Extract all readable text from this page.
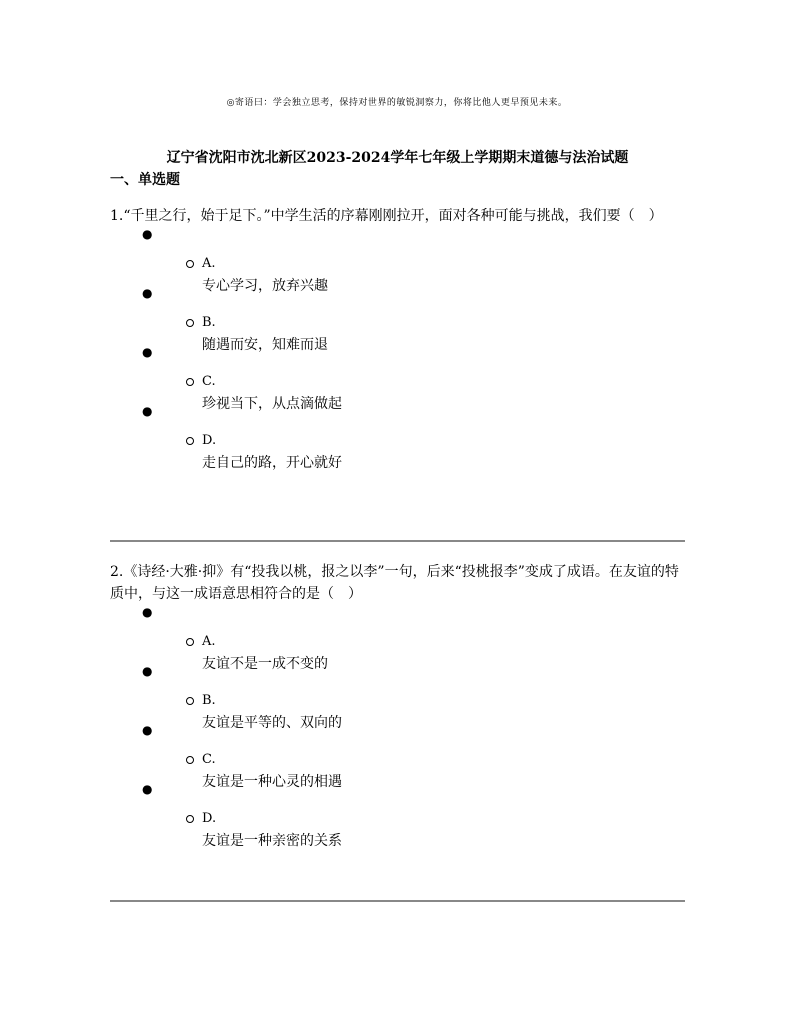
◎寄语曰：学会独立思考，保持对世界的敏锐洞察力，你将比他人更早预见未来。
辽宁省沈阳市沈北新区2023-2024学年七年级上学期期末道德与法治试题
一、单选题

1.“千里之行，始于足下。”中学生活的序幕刚刚拉开，面对各种可能与挑战，我们要（　）

●
A.
专心学习，放弃兴趣
●
B.
随遇而安，知难而退
●
C.
珍视当下，从点滴做起
●
D.
走自己的路，开心就好

2.《诗经·大雅·抑》有“投我以桃，报之以李”一句，后来“投桃报李”变成了成语。在友谊的特质中，与这一成语意思相符合的是（　）

●
A.
友谊不是一成不变的
●
B.
友谊是平等的、双向的
●
C.
友谊是一种心灵的相遇
●
D.
友谊是一种亲密的关系
